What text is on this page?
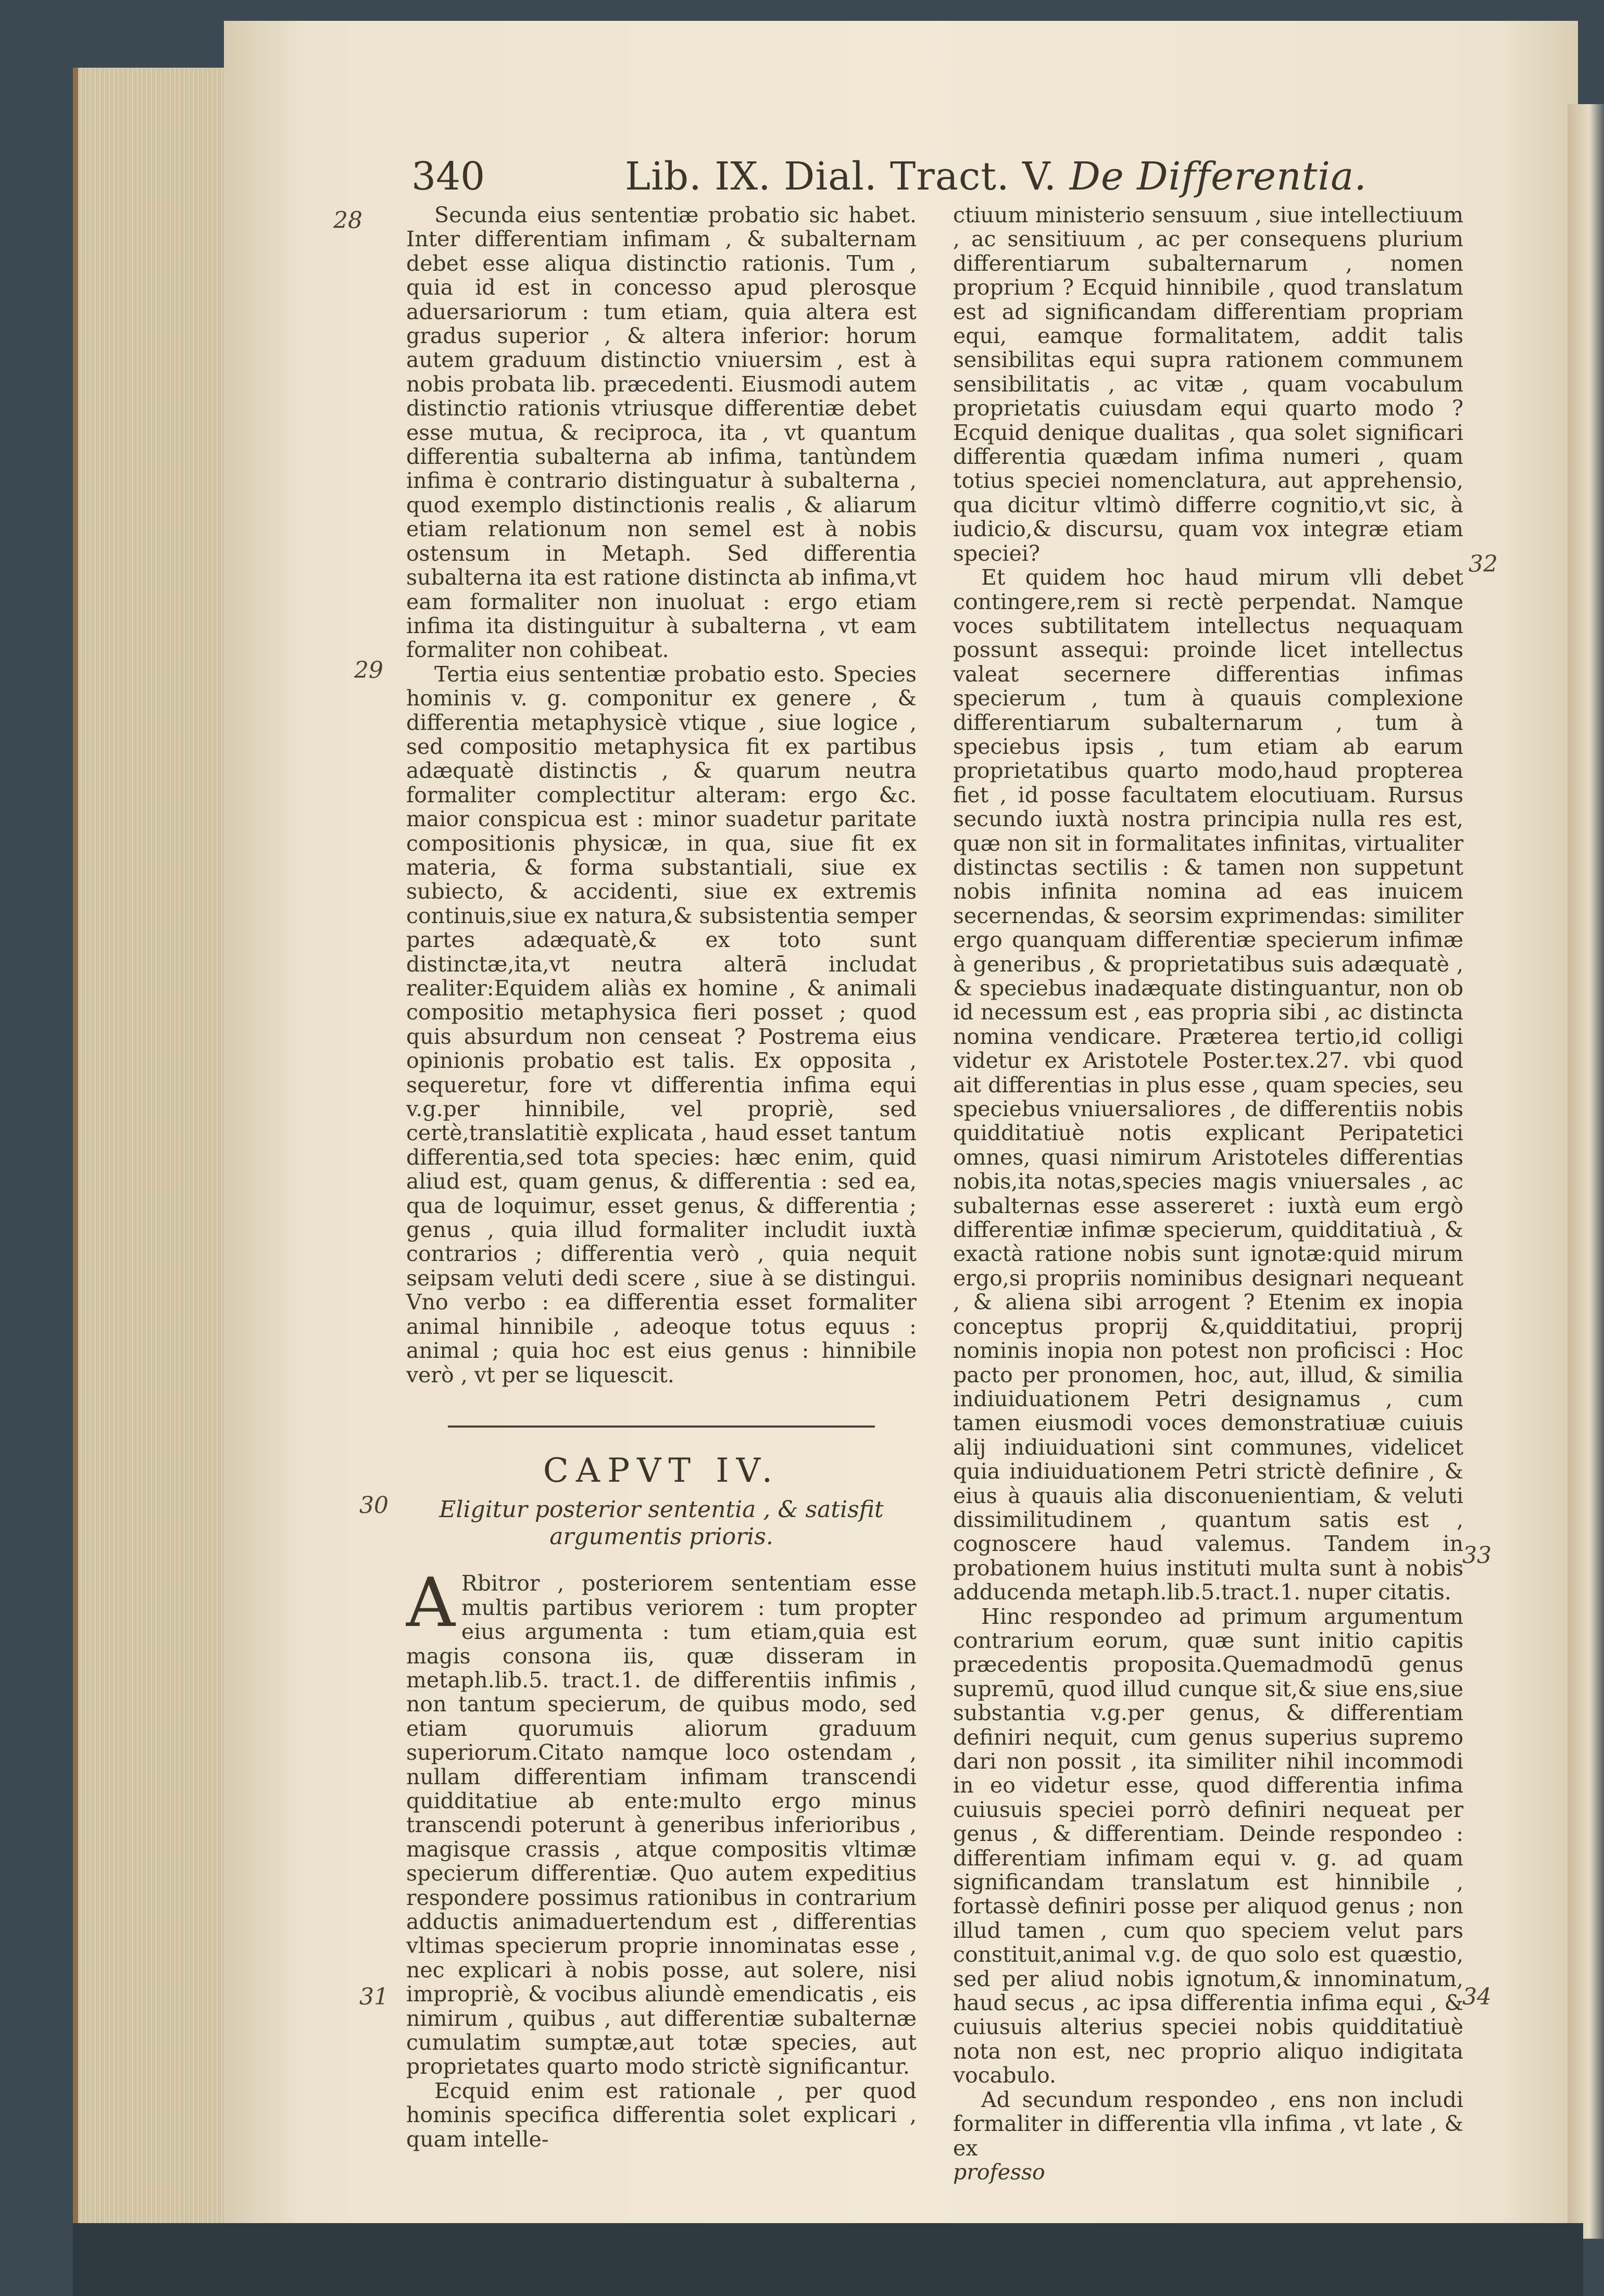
340	Lib. IX. Dial. Tract. V. De Differentia.
28
29
30
31
32
33
34

Secunda eius sententiæ probatio sic habet. Inter differentiam infimam , & subalternam debet esse aliqua distinctio rationis. Tum , quia id est in concesso apud plerosque aduersariorum : tum etiam, quia altera est gradus superior , & altera inferior: horum autem graduum distinctio vniuersim , est à nobis probata lib. præcedenti. Eiusmodi autem distinctio rationis vtriusque differentiæ debet esse mutua, & reciproca, ita , vt quantum differentia subalterna ab infima, tantùndem infima è contrario distinguatur à subalterna , quod exemplo distinctionis realis , & aliarum etiam relationum non semel est à nobis ostensum in Metaph. Sed differentia subalterna ita est ratione distincta ab infima,vt eam formaliter non inuoluat : ergo etiam infima ita distinguitur à subalterna , vt eam formaliter non cohibeat.

Tertia eius sententiæ probatio esto. Species hominis v. g. componitur ex genere , & differentia metaphysicè vtique , siue logice , sed compositio metaphysica fit ex partibus adæquatè distinctis , & quarum neutra formaliter complectitur alteram: ergo &c. maior conspicua est : minor suadetur paritate compositionis physicæ, in qua, siue fit ex materia, & forma substantiali, siue ex subiecto, & accidenti, siue ex extremis continuis,siue ex natura,& subsistentia semper partes adæquatè,& ex toto sunt distinctæ,ita,vt neutra alterā includat realiter:Equidem aliàs ex homine , & animali compositio metaphysica fieri posset ; quod quis absurdum non censeat ? Postrema eius opinionis probatio est talis. Ex opposita , sequeretur, fore vt differentia infima equi v.g.per hinnibile, vel propriè, sed certè,translatitiè explicata , haud esset tantum differentia,sed tota species: hæc enim, quid aliud est, quam genus, & differentia : sed ea, qua de loquimur, esset genus, & differentia ; genus , quia illud formaliter includit iuxtà contrarios ; differentia verò , quia nequit seipsam veluti dedi scere , siue à se distingui. Vno verbo : ea differentia esset formaliter animal hinnibile , adeoque totus equus : animal ; quia hoc est eius genus : hinnibile verò , vt per se liquescit.

CAPVT IV.
Eligitur posterior sententia , & satisfit argumentis prioris.

A Rbitror , posteriorem sententiam esse multis partibus veriorem : tum propter eius argumenta : tum etiam,quia est magis consona iis, quæ disseram in metaph.lib.5. tract.1. de differentiis infimis , non tantum specierum, de quibus modo, sed etiam quorumuis aliorum graduum superiorum.Citato namque loco ostendam , nullam differentiam infimam transcendi quidditatiue ab ente:multo ergo minus transcendi poterunt à generibus inferioribus , magisque crassis , atque compositis vltimæ specierum differentiæ. Quo autem expeditius respondere possimus rationibus in contrarium adductis animaduertendum est , differentias vltimas specierum proprie innominatas esse , nec explicari à nobis posse, aut solere, nisi impropriè, & vocibus aliundè emendicatis , eis nimirum , quibus , aut differentiæ subalternæ cumulatim sumptæ,aut totæ species, aut proprietates quarto modo strictè significantur.

Ecquid enim est rationale , per quod hominis specifica differentia solet explicari , quam intelle-

ctiuum ministerio sensuum , siue intellectiuum , ac sensitiuum , ac per consequens plurium differentiarum subalternarum , nomen proprium ? Ecquid hinnibile , quod translatum est ad significandam differentiam propriam equi, eamque formalitatem, addit talis sensibilitas equi supra rationem communem sensibilitatis , ac vitæ , quam vocabulum proprietatis cuiusdam equi quarto modo ? Ecquid denique dualitas , qua solet significari differentia quædam infima numeri , quam totius speciei nomenclatura, aut apprehensio, qua dicitur vltimò differre cognitio,vt sic, à iudicio,& discursu, quam vox integræ etiam speciei?

Et quidem hoc haud mirum vlli debet contingere,rem si rectè perpendat. Namque voces subtilitatem intellectus nequaquam possunt assequi: proinde licet intellectus valeat secernere differentias infimas specierum , tum à quauis complexione differentiarum subalternarum , tum à speciebus ipsis , tum etiam ab earum proprietatibus quarto modo,haud propterea fiet , id posse facultatem elocutiuam. Rursus secundo iuxtà nostra principia nulla res est, quæ non sit in formalitates infinitas, virtualiter distinctas sectilis : & tamen non suppetunt nobis infinita nomina ad eas inuicem secernendas, & seorsim exprimendas: similiter ergo quanquam differentiæ specierum infimæ à generibus , & proprietatibus suis adæquatè , & speciebus inadæquate distinguantur, non ob id necessum est , eas propria sibi , ac distincta nomina vendicare. Præterea tertio,id colligi videtur ex Aristotele Poster.tex.27. vbi quod ait differentias in plus esse , quam species, seu speciebus vniuersaliores , de differentiis nobis quidditatiuè notis explicant Peripatetici omnes, quasi nimirum Aristoteles differentias nobis,ita notas,species magis vniuersales , ac subalternas esse assereret : iuxtà eum ergò differentiæ infimæ specierum, quidditatiuà , & exactà ratione nobis sunt ignotæ:quid mirum ergo,si propriis nominibus designari nequeant , & aliena sibi arrogent ? Etenim ex inopia conceptus proprij &,quidditatiui, proprij nominis inopia non potest non proficisci : Hoc pacto per pronomen, hoc, aut, illud, & similia indiuiduationem Petri designamus , cum tamen eiusmodi voces demonstratiuæ cuiuis alij indiuiduationi sint communes, videlicet quia indiuiduationem Petri strictè definire , & eius à quauis alia disconuenientiam, & veluti dissimilitudinem , quantum satis est , cognoscere haud valemus. Tandem in probationem huius instituti multa sunt à nobis adducenda metaph.lib.5.tract.1. nuper citatis.

Hinc respondeo ad primum argumentum contrarium eorum, quæ sunt initio capitis præcedentis proposita.Quemadmodū genus supremū, quod illud cunque sit,& siue ens,siue substantia v.g.per genus, & differentiam definiri nequit, cum genus superius supremo dari non possit , ita similiter nihil incommodi in eo videtur esse, quod differentia infima cuiusuis speciei porrò definiri nequeat per genus , & differentiam. Deinde respondeo : differentiam infimam equi v. g. ad quam significandam translatum est hinnibile , fortassè definiri posse per aliquod genus ; non illud tamen , cum quo speciem velut pars constituit,animal v.g. de quo solo est quæstio, sed per aliud nobis ignotum,& innominatum, haud secus , ac ipsa differentia infima equi , & cuiusuis alterius speciei nobis quidditatiuè nota non est, nec proprio aliquo indigitata vocabulo.

Ad secundum respondeo , ens non includi formaliter in differentia vlla infima , vt late , & ex

professo
